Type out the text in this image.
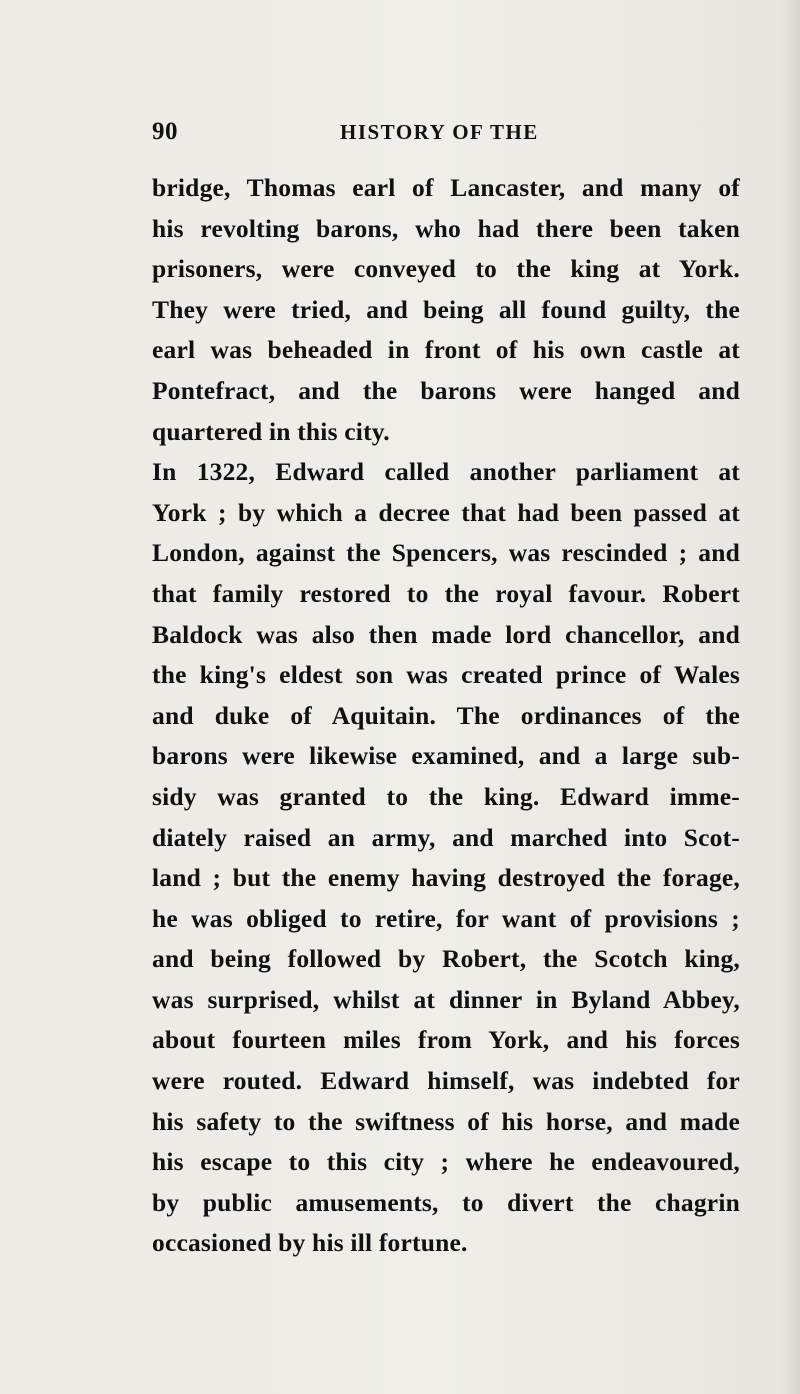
90	HISTORY OF THE
bridge, Thomas earl of Lancaster, and many of
his revolting barons, who had there been taken
prisoners, were conveyed to the king at York.
They were tried, and being all found guilty, the
earl was beheaded in front of his own castle at
Pontefract, and the barons were hanged and
quartered in this city.
In 1322, Edward called another parliament at
York ; by which a decree that had been passed at
London, against the Spencers, was rescinded ; and
that family restored to the royal favour. Robert
Baldock was also then made lord chancellor, and
the king's eldest son was created prince of Wales
and duke of Aquitain. The ordinances of the
barons were likewise examined, and a large sub-
sidy was granted to the king. Edward imme-
diately raised an army, and marched into Scot-
land ; but the enemy having destroyed the forage,
he was obliged to retire, for want of provisions ;
and being followed by Robert, the Scotch king,
was surprised, whilst at dinner in Byland Abbey,
about fourteen miles from York, and his forces
were routed. Edward himself, was indebted for
his safety to the swiftness of his horse, and made
his escape to this city ; where he endeavoured,
by public amusements, to divert the chagrin
occasioned by his ill fortune.
